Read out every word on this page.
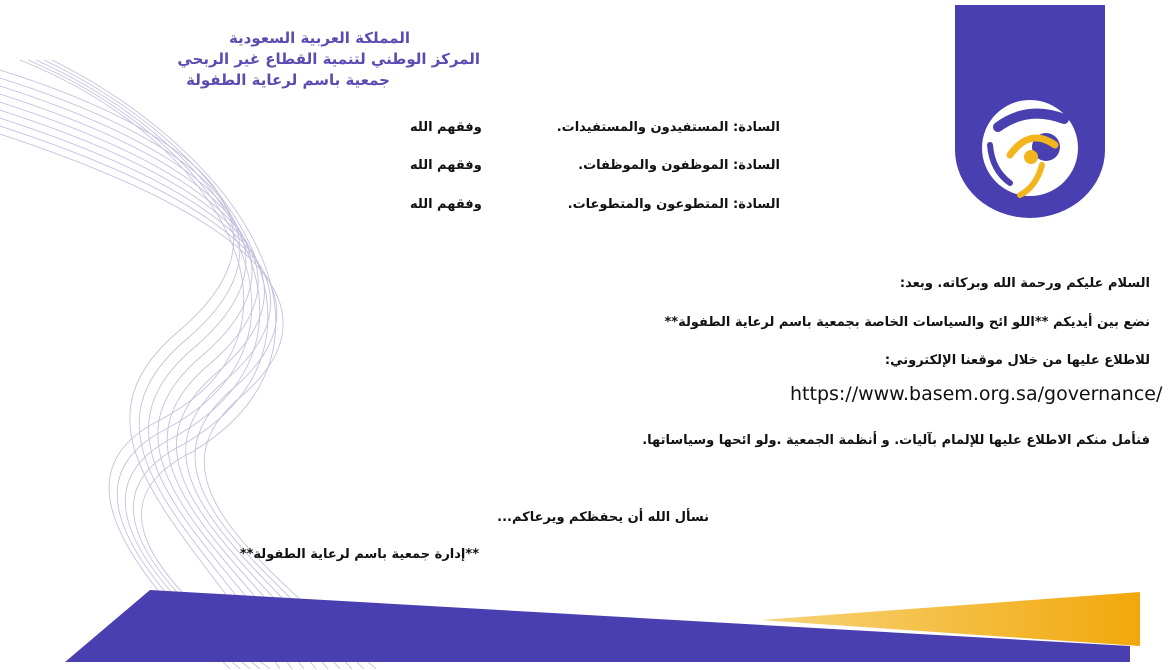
المملكة العربية السعودية
المركز الوطني لتنمية القطاع غير الربحي
جمعية باسم لرعاية الطفولة
السادة: المستفيدون والمستفيدات.
وفقهم الله
السادة: الموظفون والموظفات.
وفقهم الله
السادة: المتطوعون والمتطوعات.
وفقهم الله
السلام عليكم ورحمة الله وبركاته. وبعد:
نضع بين أيديكم **اللو ائح والسياسات الخاصة بجمعية باسم لرعاية الطفولة**
للاطلاع عليها من خلال موقعنا الإلكتروني:
https://www.basem.org.sa/governance/
فنأمل منكم الاطلاع عليها للإلمام بآليات. و أنظمة الجمعية .ولو ائحها وسياساتها.
نسأل الله أن يحفظكم ويرعاكم...
**إدارة جمعية باسم لرعاية الطفولة**
